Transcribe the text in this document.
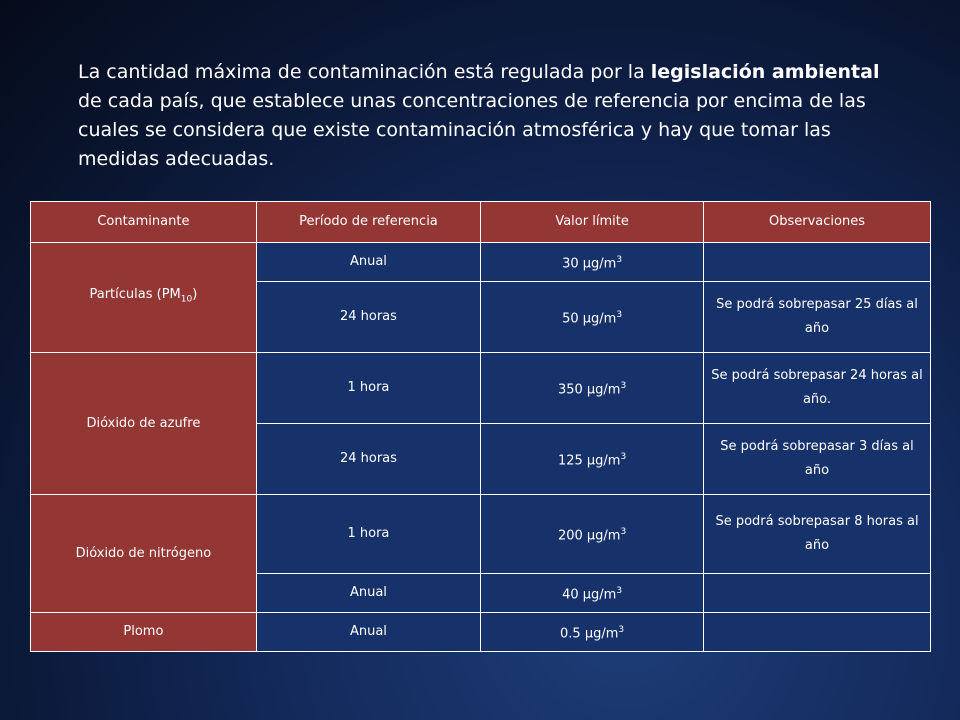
La cantidad máxima de contaminación está regulada por la legislación ambiental de cada país, que establece unas concentraciones de referencia por encima de las cuales se considera que existe contaminación atmosférica y hay que tomar las medidas adecuadas.

Contaminante	Período de referencia	Valor límite	Observaciones
Partículas $(PM_{10})$	Anual	30 $\mu g/m^3$	
	24 horas	50 $\mu g/m^3$	Se podrá sobrepasar 25 días al año
Dióxido de azufre	1 hora	350 $\mu g/m^3$	Se podrá sobrepasar 24 horas al año.
	24 horas	125 $\mu g/m^3$	Se podrá sobrepasar 3 días al año
Dióxido de nitrógeno	1 hora	200 $\mu g/m^3$	Se podrá sobrepasar 8 horas al año
	Anual	40 $\mu g/m^3$	
Plomo	Anual	0.5 $\mu g/m^3$	
